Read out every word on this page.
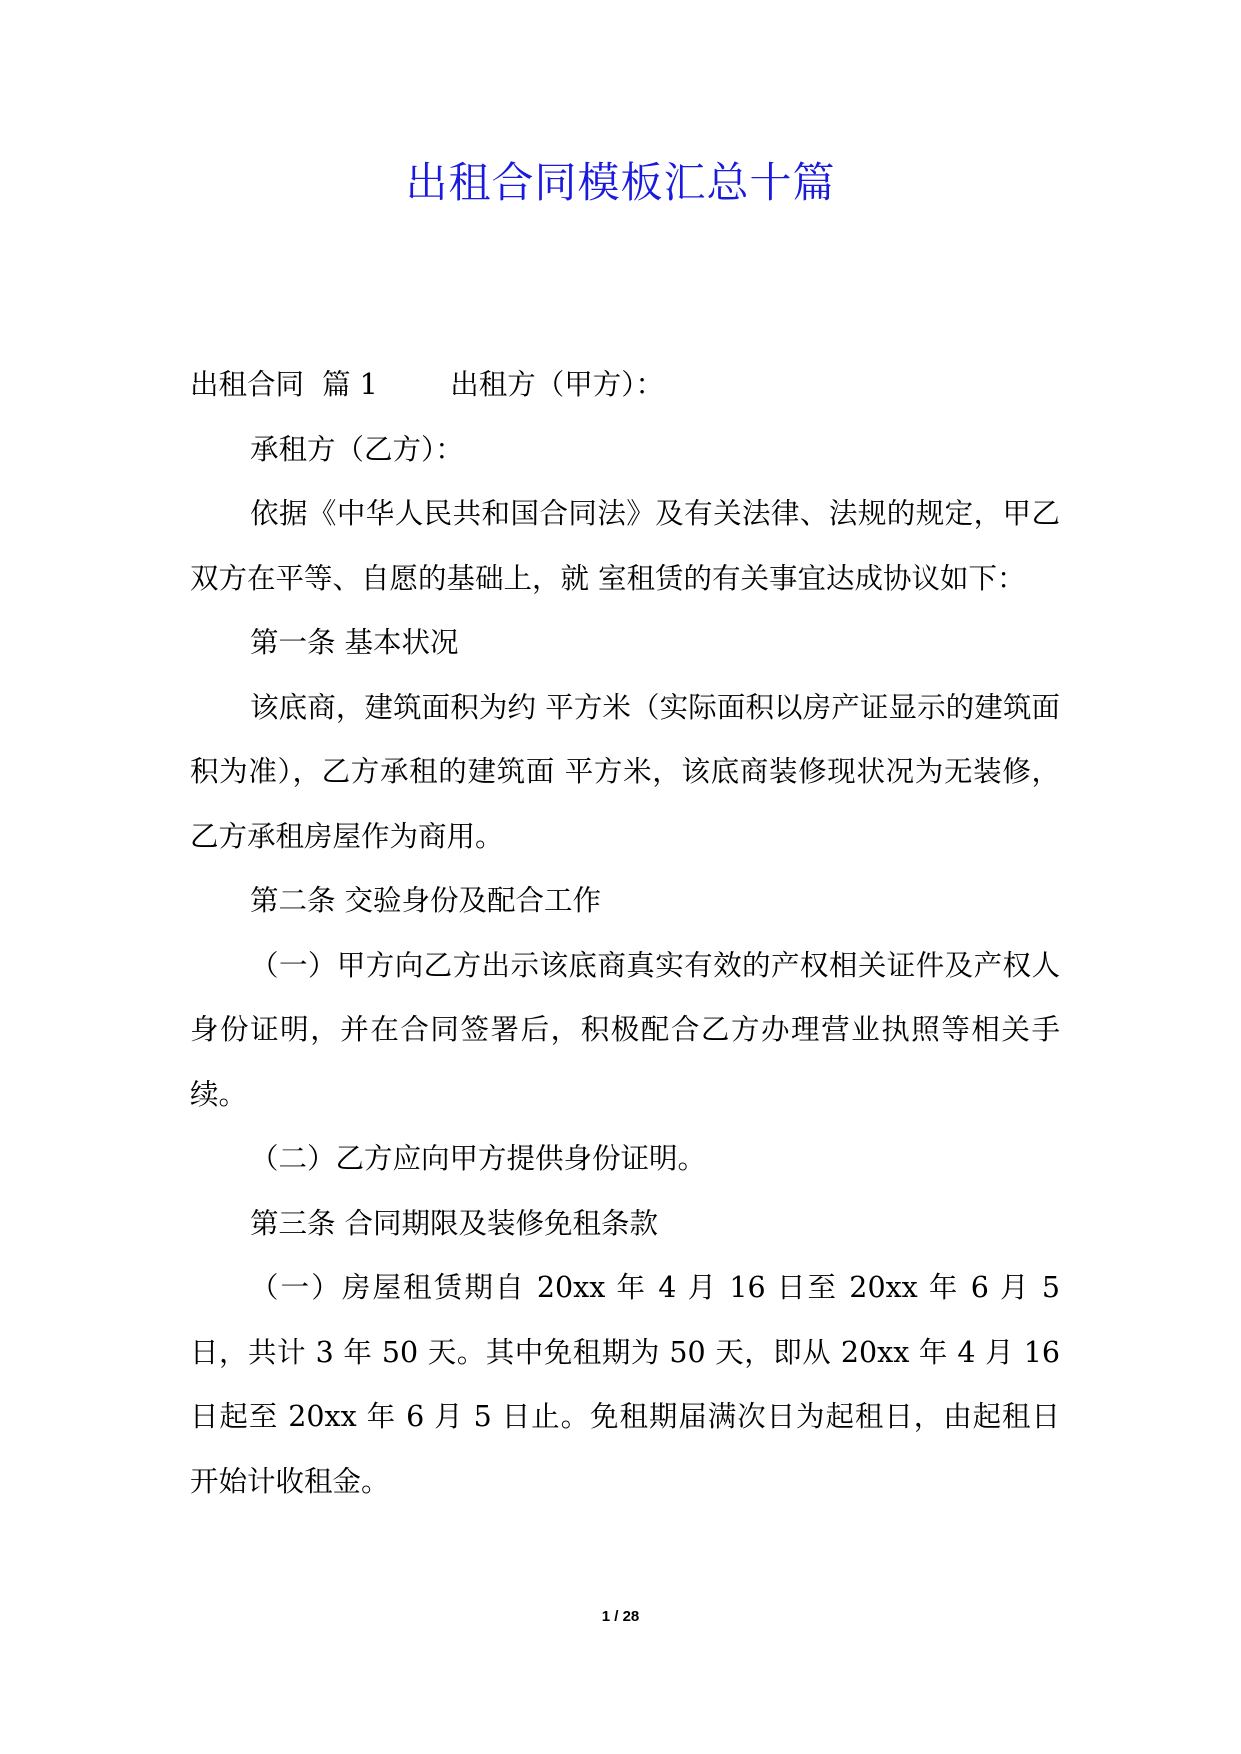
出租合同模板汇总十篇

出租合同  篇 1        出租方（甲方）：

承租方（乙方）：

依据《中华人民共和国合同法》及有关法律、法规的规定，甲乙双方在平等、自愿的基础上，就 室租赁的有关事宜达成协议如下：

第一条 基本状况

该底商，建筑面积为约 平方米（实际面积以房产证显示的建筑面积为准），乙方承租的建筑面 平方米，该底商装修现状况为无装修，乙方承租房屋作为商用。

第二条 交验身份及配合工作

（一）甲方向乙方出示该底商真实有效的产权相关证件及产权人身份证明，并在合同签署后，积极配合乙方办理营业执照等相关手续。

（二）乙方应向甲方提供身份证明。

第三条 合同期限及装修免租条款

（一）房屋租赁期自 20xx 年 4 月 16 日至 20xx 年 6 月 5 日，共计 3 年 50 天。其中免租期为 50 天，即从 20xx 年 4 月 16 日起至 20xx 年 6 月 5 日止。免租期届满次日为起租日，由起租日开始计收租金。

1 / 28
